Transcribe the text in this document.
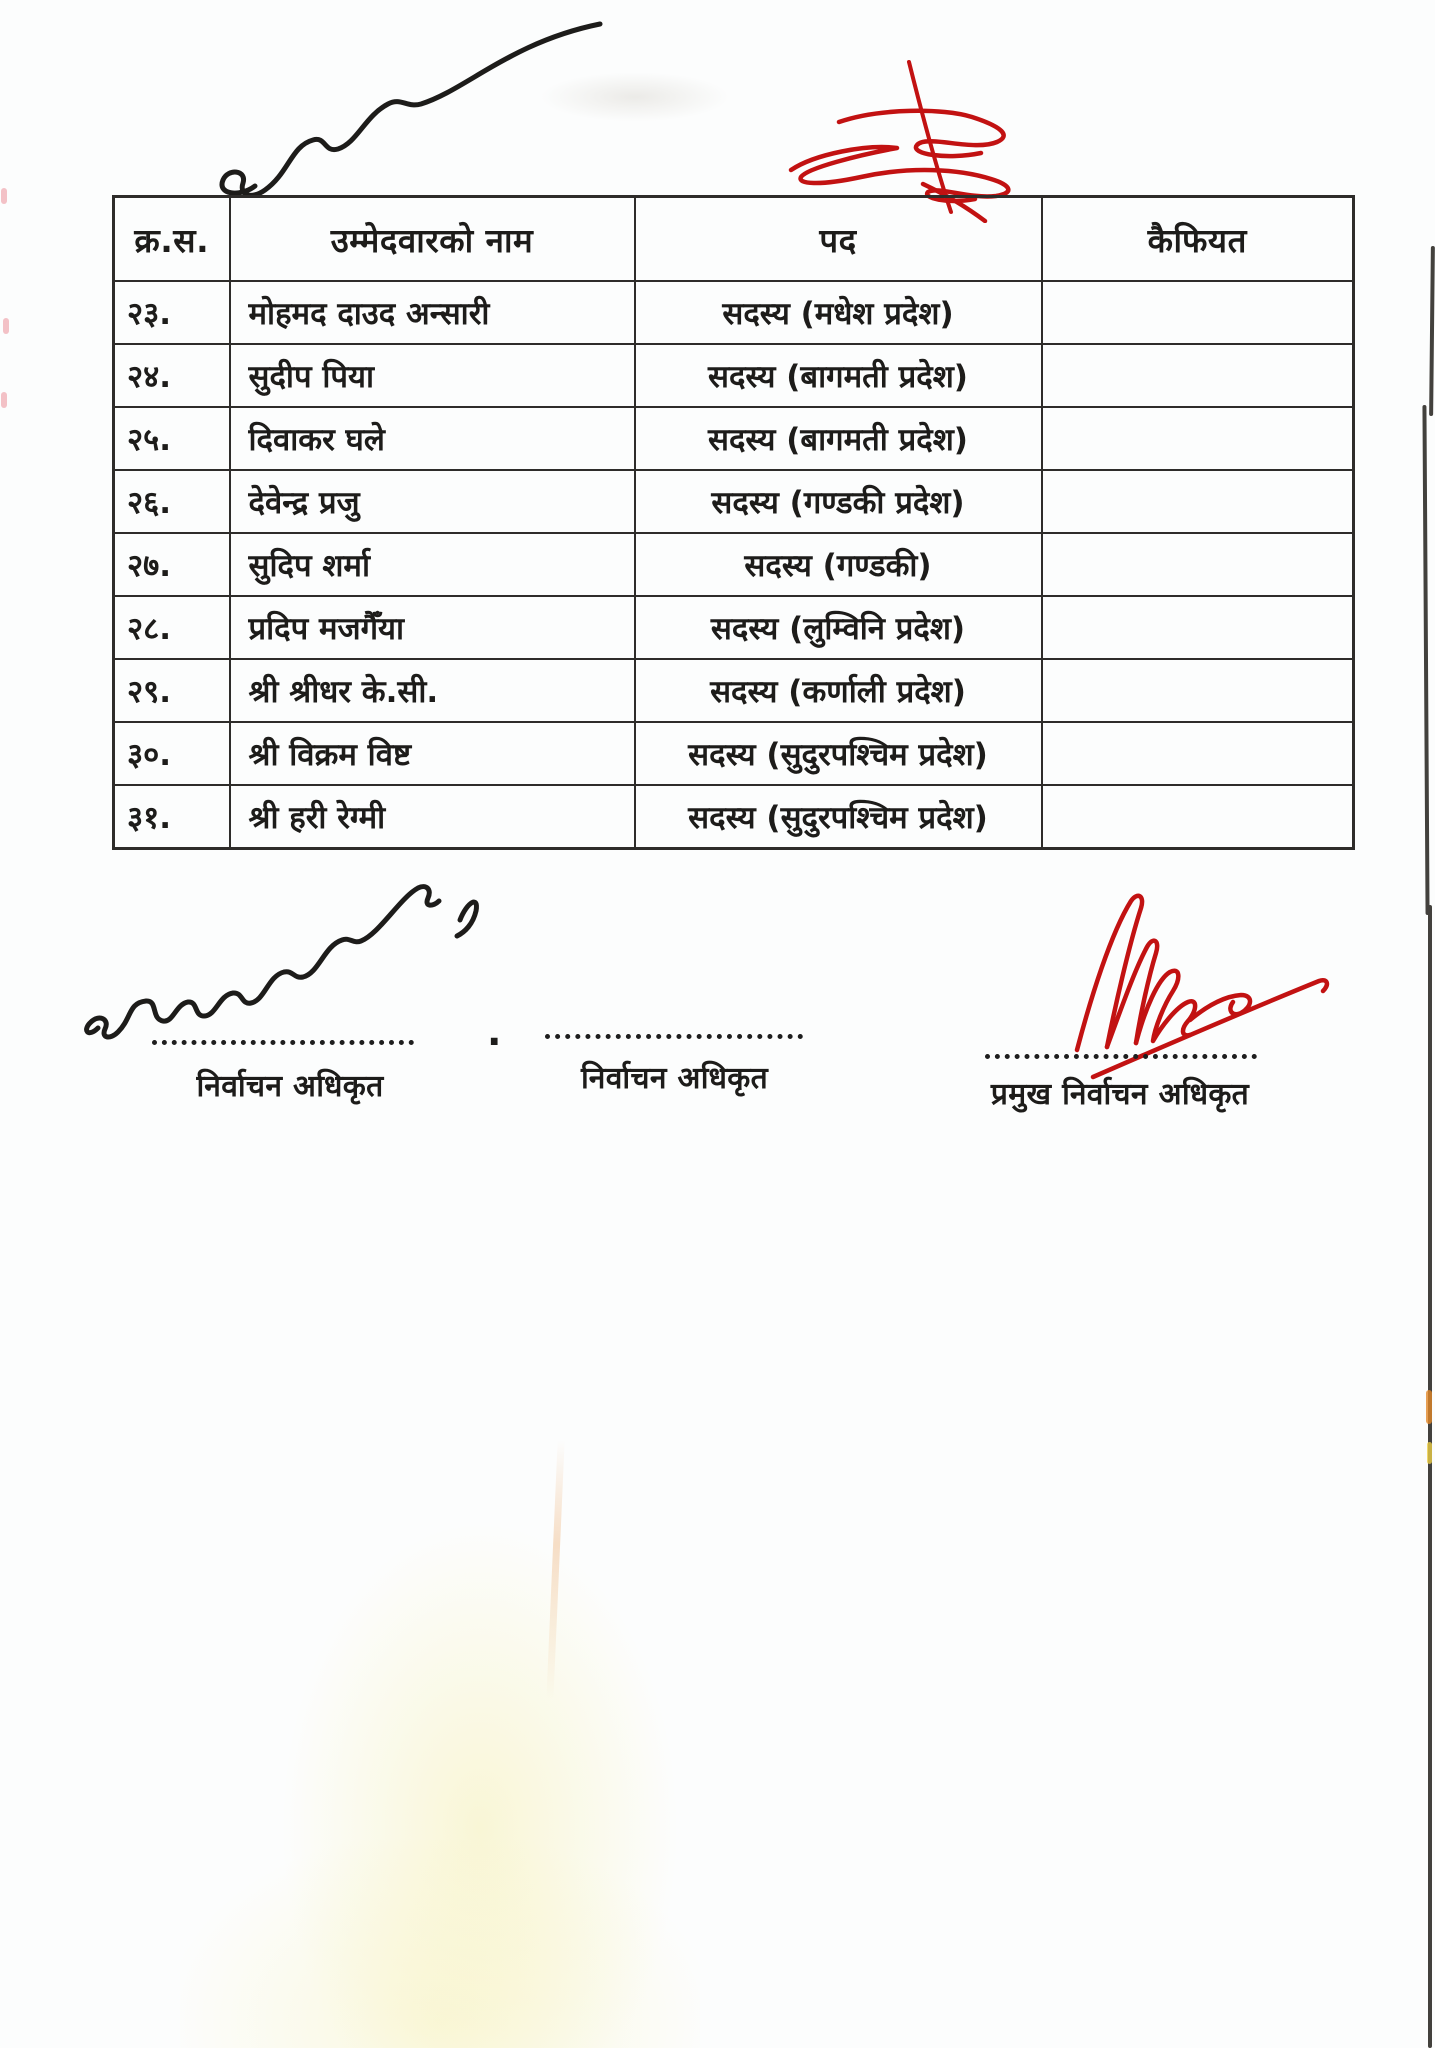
क्र.स.	उम्मेदवारको नाम	पद	कैफियत
२३.	मोहमद दाउद अन्सारी	सदस्य (मधेश प्रदेश)	
२४.	सुदीप पिया	सदस्य (बागमती प्रदेश)	
२५.	दिवाकर घले	सदस्य (बागमती प्रदेश)	
२६.	देवेन्द्र प्रजु	सदस्य (गण्डकी प्रदेश)	
२७.	सुदिप शर्मा	सदस्य (गण्डकी)	
२८.	प्रदिप मजगैँया	सदस्य (लुम्विनि प्रदेश)	
२९.	श्री श्रीधर के.सी.	सदस्य (कर्णाली प्रदेश)	
३०.	श्री विक्रम विष्ट	सदस्य (सुदुरपश्चिम प्रदेश)	
३१.	श्री हरी रेग्मी	सदस्य (सुदुरपश्चिम प्रदेश)	
.
निर्वाचन अधिकृत	निर्वाचन अधिकृत	प्रमुख निर्वाचन अधिकृत
